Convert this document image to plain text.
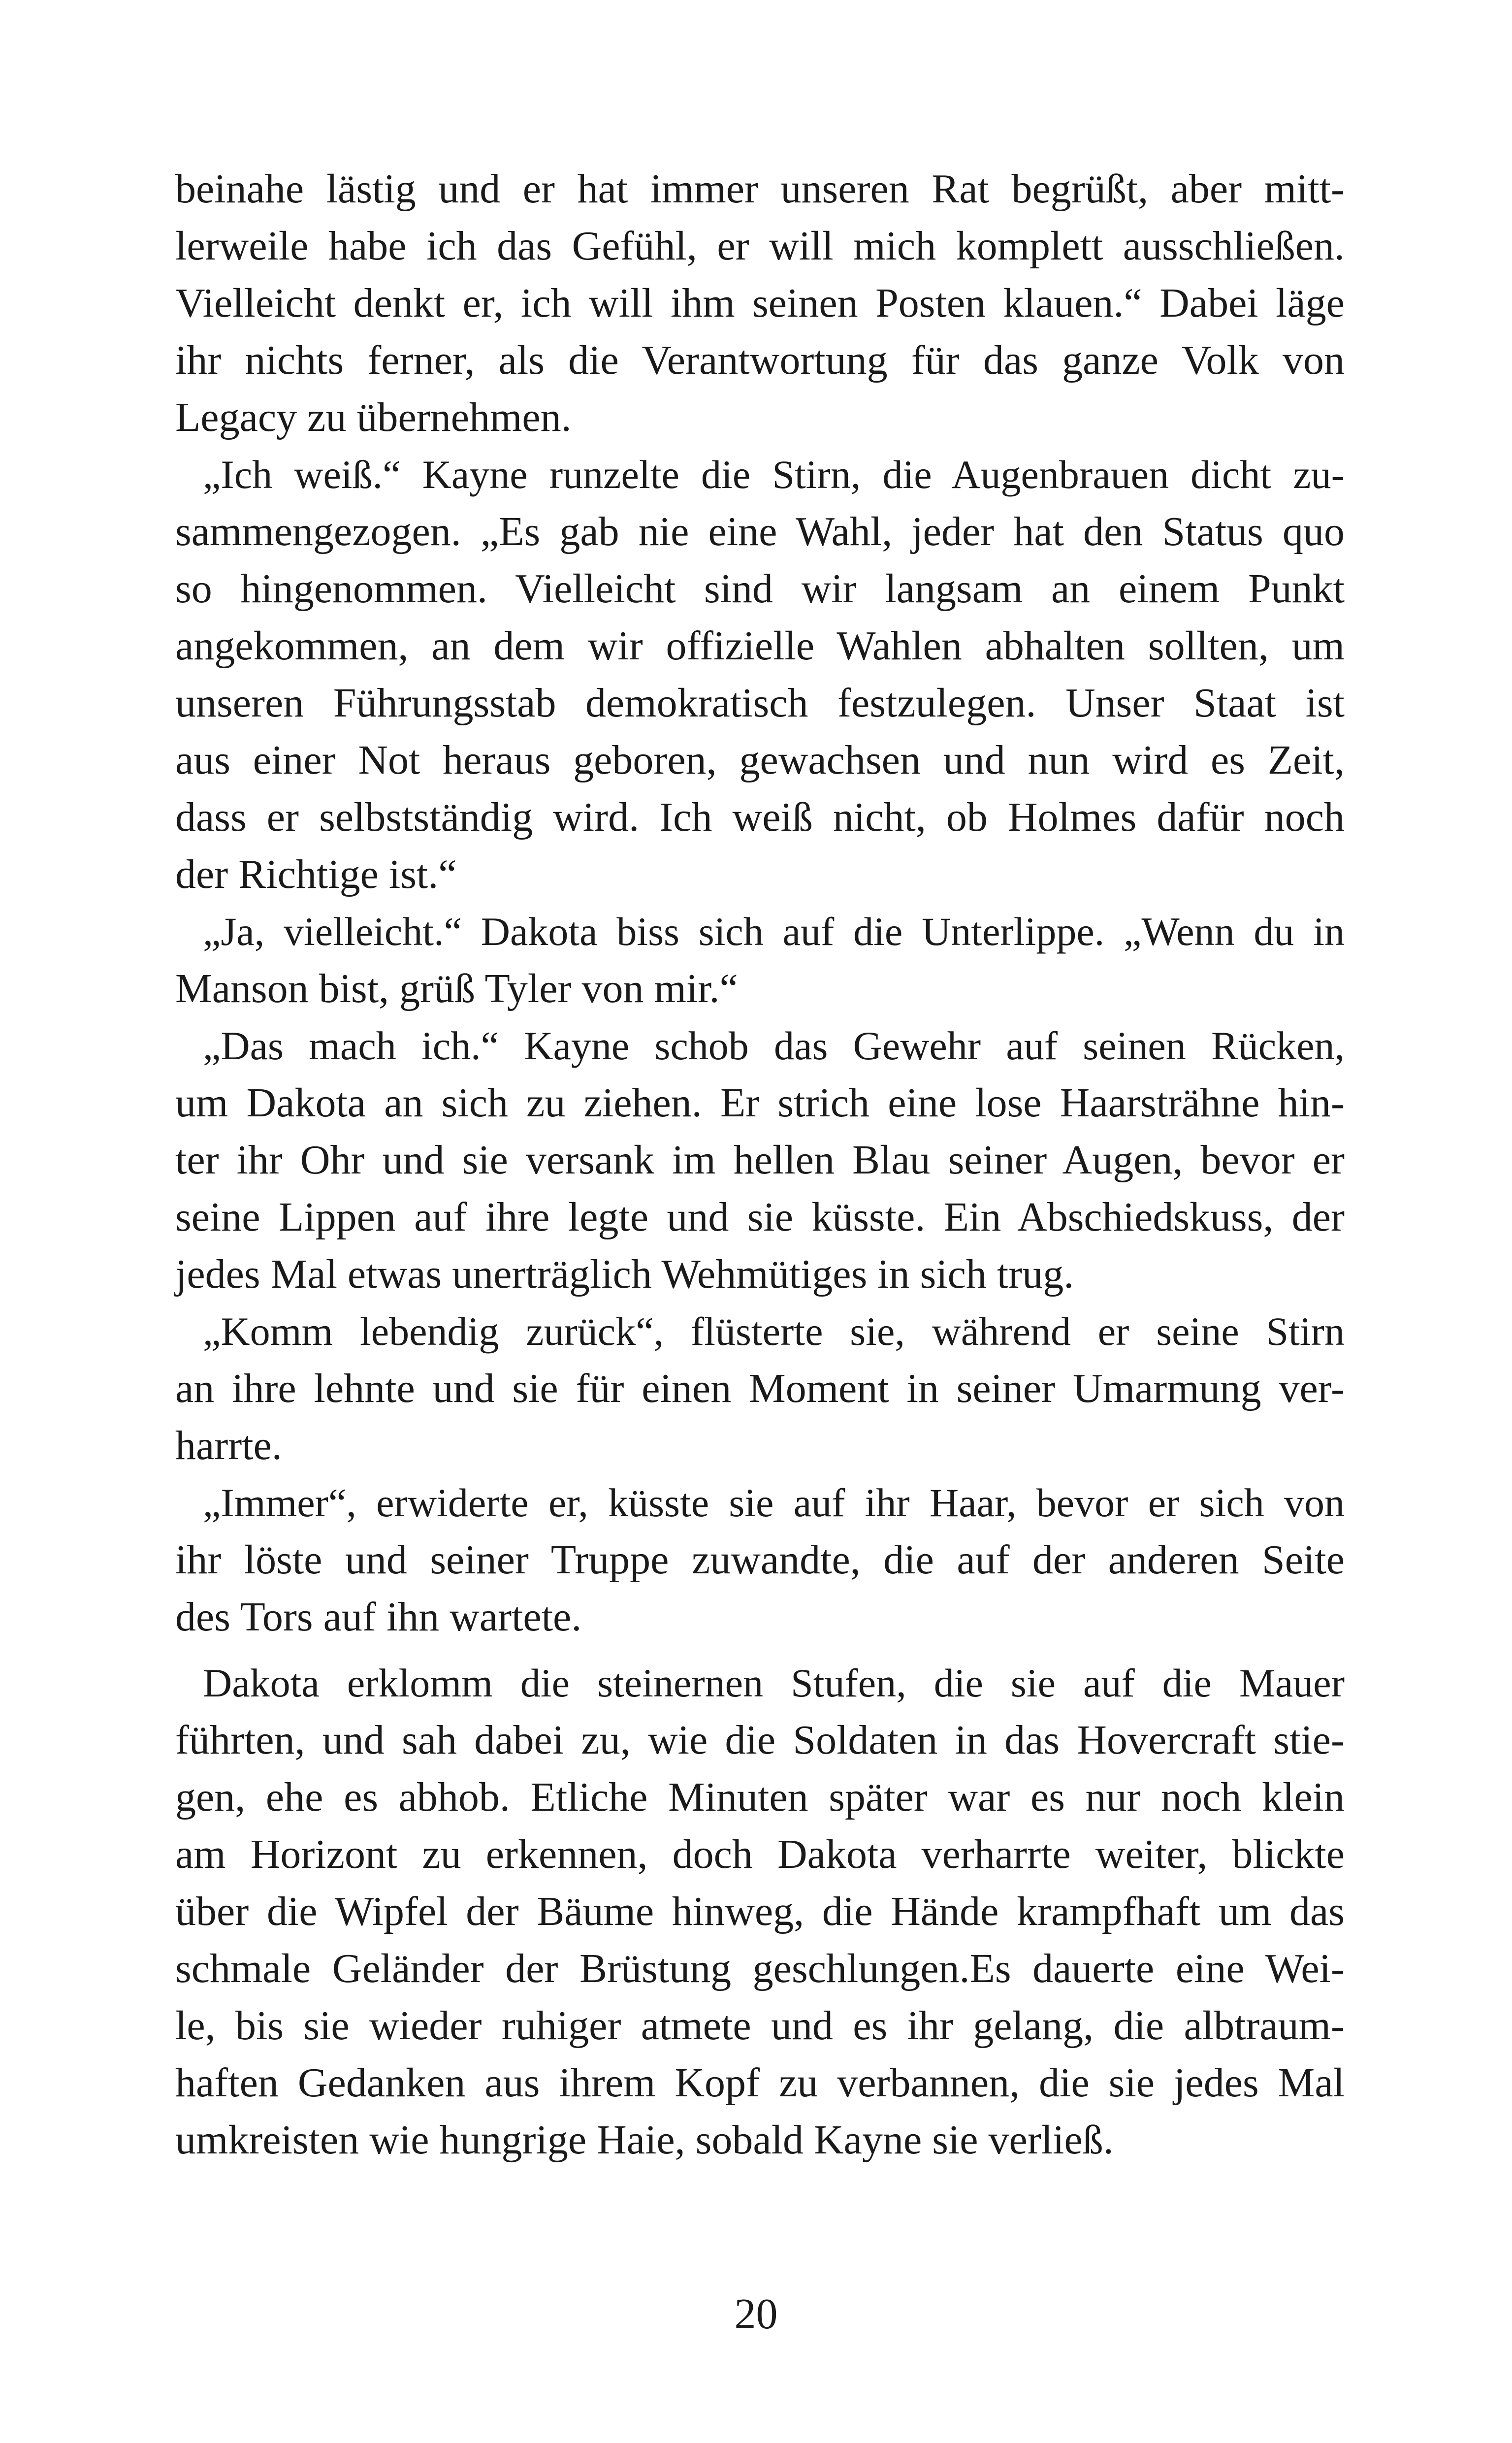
beinahe lästig und er hat immer unseren Rat begrüßt, aber mitt-
lerweile habe ich das Gefühl, er will mich komplett ausschließen.
Vielleicht denkt er, ich will ihm seinen Posten klauen.“ Dabei läge
ihr nichts ferner, als die Verantwortung für das ganze Volk von
Legacy zu übernehmen.
„Ich weiß.“ Kayne runzelte die Stirn, die Augenbrauen dicht zu-
sammengezogen. „Es gab nie eine Wahl, jeder hat den Status quo
so hingenommen. Vielleicht sind wir langsam an einem Punkt
angekommen, an dem wir offizielle Wahlen abhalten sollten, um
unseren Führungsstab demokratisch festzulegen. Unser Staat ist
aus einer Not heraus geboren, gewachsen und nun wird es Zeit,
dass er selbstständig wird. Ich weiß nicht, ob Holmes dafür noch
der Richtige ist.“
„Ja, vielleicht.“ Dakota biss sich auf die Unterlippe. „Wenn du in
Manson bist, grüß Tyler von mir.“
„Das mach ich.“ Kayne schob das Gewehr auf seinen Rücken,
um Dakota an sich zu ziehen. Er strich eine lose Haarsträhne hin-
ter ihr Ohr und sie versank im hellen Blau seiner Augen, bevor er
seine Lippen auf ihre legte und sie küsste. Ein Abschiedskuss, der
jedes Mal etwas unerträglich Wehmütiges in sich trug.
„Komm lebendig zurück“, flüsterte sie, während er seine Stirn
an ihre lehnte und sie für einen Moment in seiner Umarmung ver-
harrte.
„Immer“, erwiderte er, küsste sie auf ihr Haar, bevor er sich von
ihr löste und seiner Truppe zuwandte, die auf der anderen Seite
des Tors auf ihn wartete.
Dakota erklomm die steinernen Stufen, die sie auf die Mauer
führten, und sah dabei zu, wie die Soldaten in das Hovercraft stie-
gen, ehe es abhob. Etliche Minuten später war es nur noch klein
am Horizont zu erkennen, doch Dakota verharrte weiter, blickte
über die Wipfel der Bäume hinweg, die Hände krampfhaft um das
schmale Geländer der Brüstung geschlungen.Es dauerte eine Wei-
le, bis sie wieder ruhiger atmete und es ihr gelang, die albtraum-
haften Gedanken aus ihrem Kopf zu verbannen, die sie jedes Mal
umkreisten wie hungrige Haie, sobald Kayne sie verließ.
20
